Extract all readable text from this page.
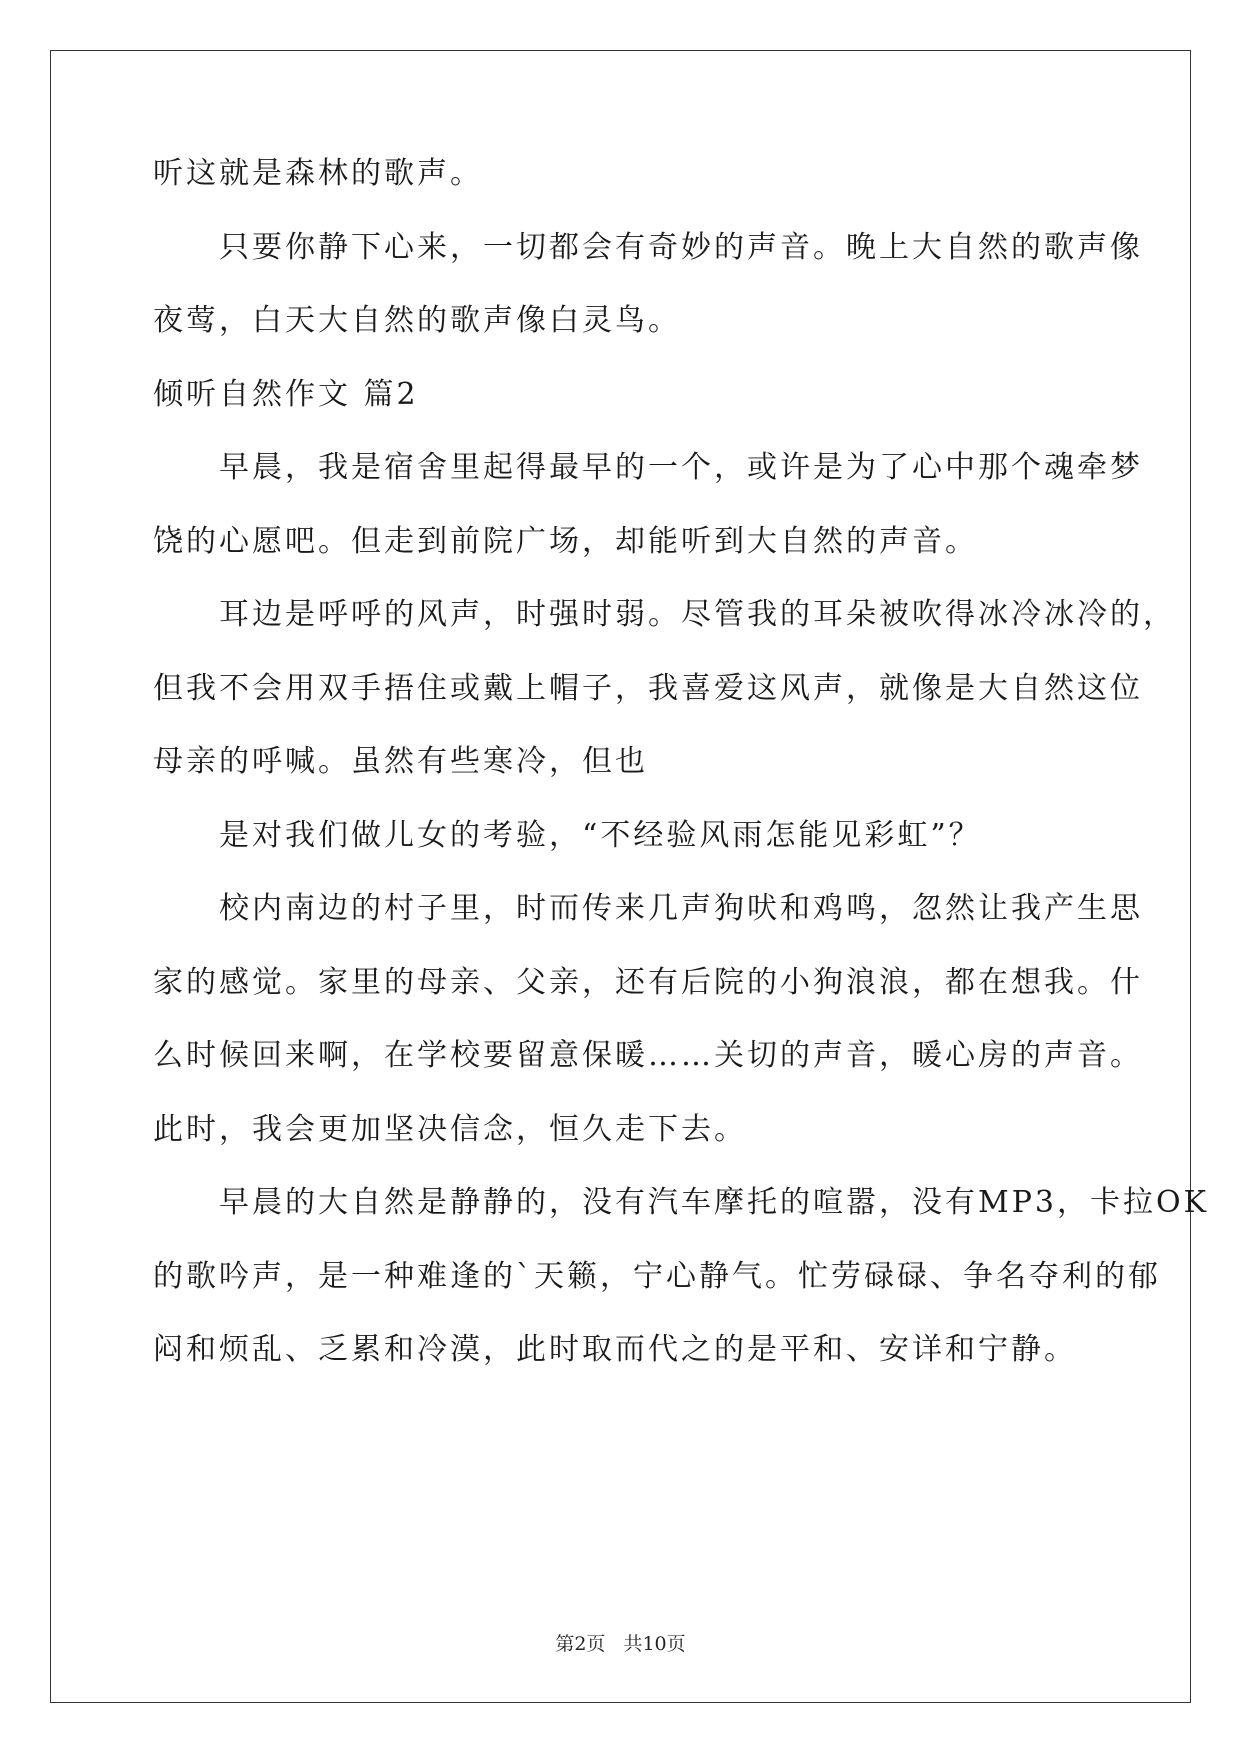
听这就是森林的歌声。

　　只要你静下心来，一切都会有奇妙的声音。晚上大自然的歌声像

夜莺，白天大自然的歌声像白灵鸟。

倾听自然作文 篇2

　　早晨，我是宿舍里起得最早的一个，或许是为了心中那个魂牵梦

饶的心愿吧。但走到前院广场，却能听到大自然的声音。

　　耳边是呼呼的风声，时强时弱。尽管我的耳朵被吹得冰冷冰冷的，

但我不会用双手捂住或戴上帽子，我喜爱这风声，就像是大自然这位

母亲的呼喊。虽然有些寒冷，但也

　　是对我们做儿女的考验，“不经验风雨怎能见彩虹”？

　　校内南边的村子里，时而传来几声狗吠和鸡鸣，忽然让我产生思

家的感觉。家里的母亲、父亲，还有后院的小狗浪浪，都在想我。什

么时候回来啊，在学校要留意保暖……关切的声音，暖心房的声音。

此时，我会更加坚决信念，恒久走下去。

　　早晨的大自然是静静的，没有汽车摩托的喧嚣，没有MP3，卡拉OK

的歌吟声，是一种难逢的`天籁，宁心静气。忙劳碌碌、争名夺利的郁

闷和烦乱、乏累和冷漠，此时取而代之的是平和、安详和宁静。

第2页 共10页
